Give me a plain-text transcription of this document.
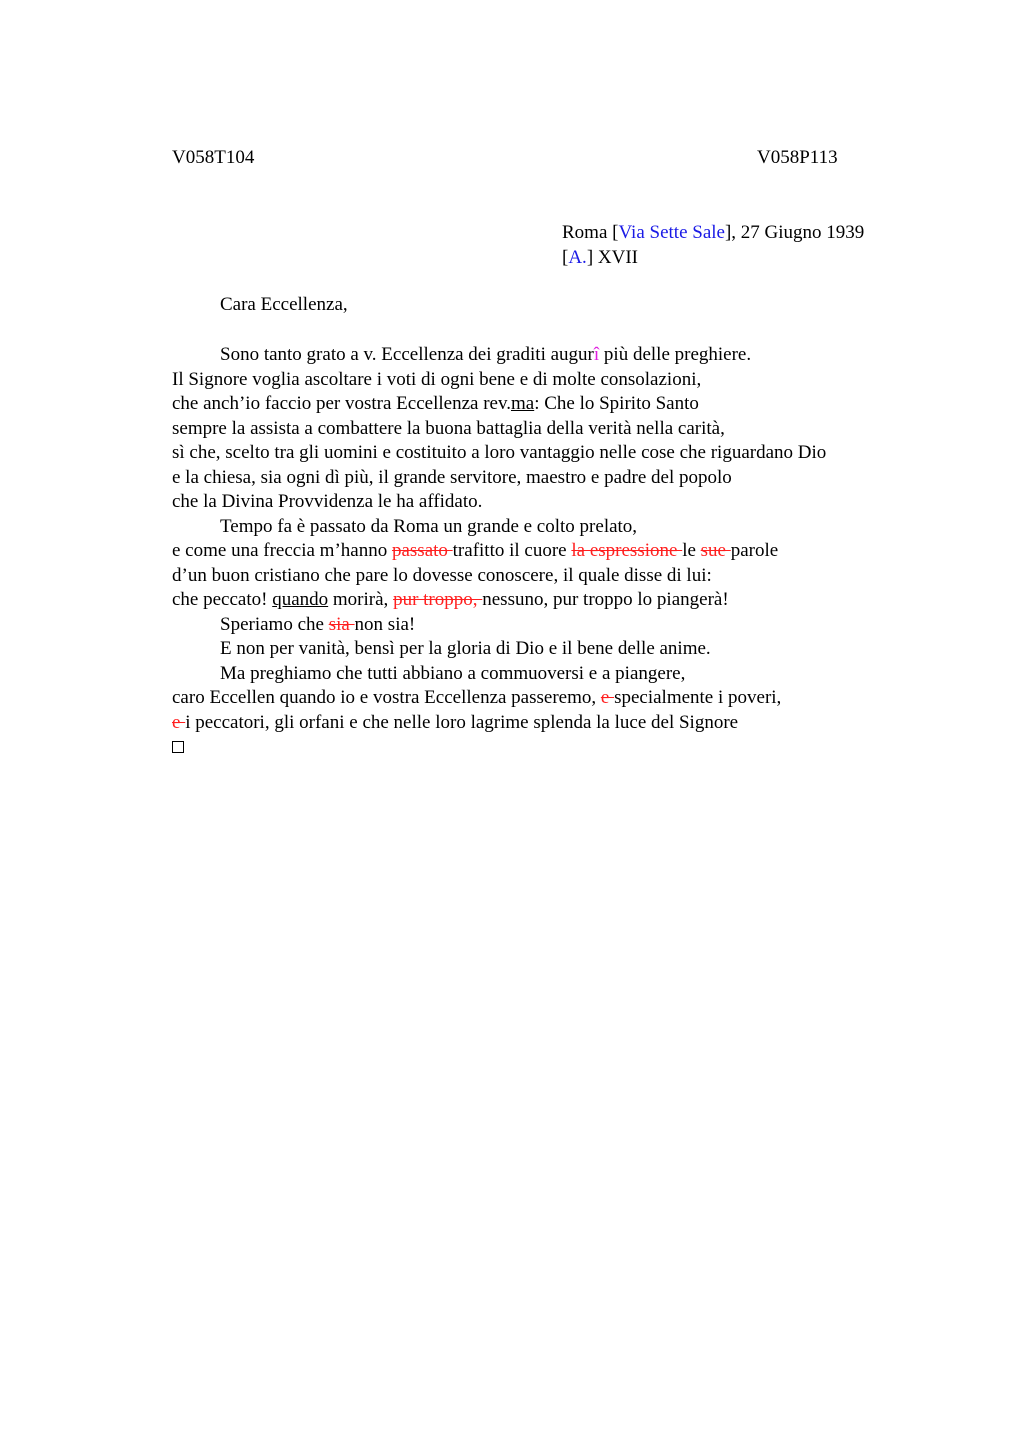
V058T104	V058P113
Roma [Via Sette Sale], 27 Giugno 1939
[A.] XVII
Cara Eccellenza,
Sono tanto grato a v. Eccellenza dei graditi augurî più delle preghiere.
Il Signore voglia ascoltare i voti di ogni bene e di molte consolazioni,
che anch’io faccio per vostra Eccellenza rev.ma: Che lo Spirito Santo
sempre la assista a combattere la buona battaglia della verità nella carità,
sì che, scelto tra gli uomini e costituito a loro vantaggio nelle cose che riguardano Dio
e la chiesa, sia ogni dì più, il grande servitore, maestro e padre del popolo
che la Divina Provvidenza le ha affidato.
Tempo fa è passato da Roma un grande e colto prelato,
e come una freccia m’hanno passato trafitto il cuore la espressione le sue parole
d’un buon cristiano che pare lo dovesse conoscere, il quale disse di lui:
che peccato! quando morirà, pur troppo, nessuno, pur troppo lo piangerà!
Speriamo che sia non sia!
E non per vanità, bensì per la gloria di Dio e il bene delle anime.
Ma preghiamo che tutti abbiano a commuoversi e a piangere,
caro Eccellen quando io e vostra Eccellenza passeremo, e specialmente i poveri,
e i peccatori, gli orfani e che nelle loro lagrime splenda la luce del Signore
